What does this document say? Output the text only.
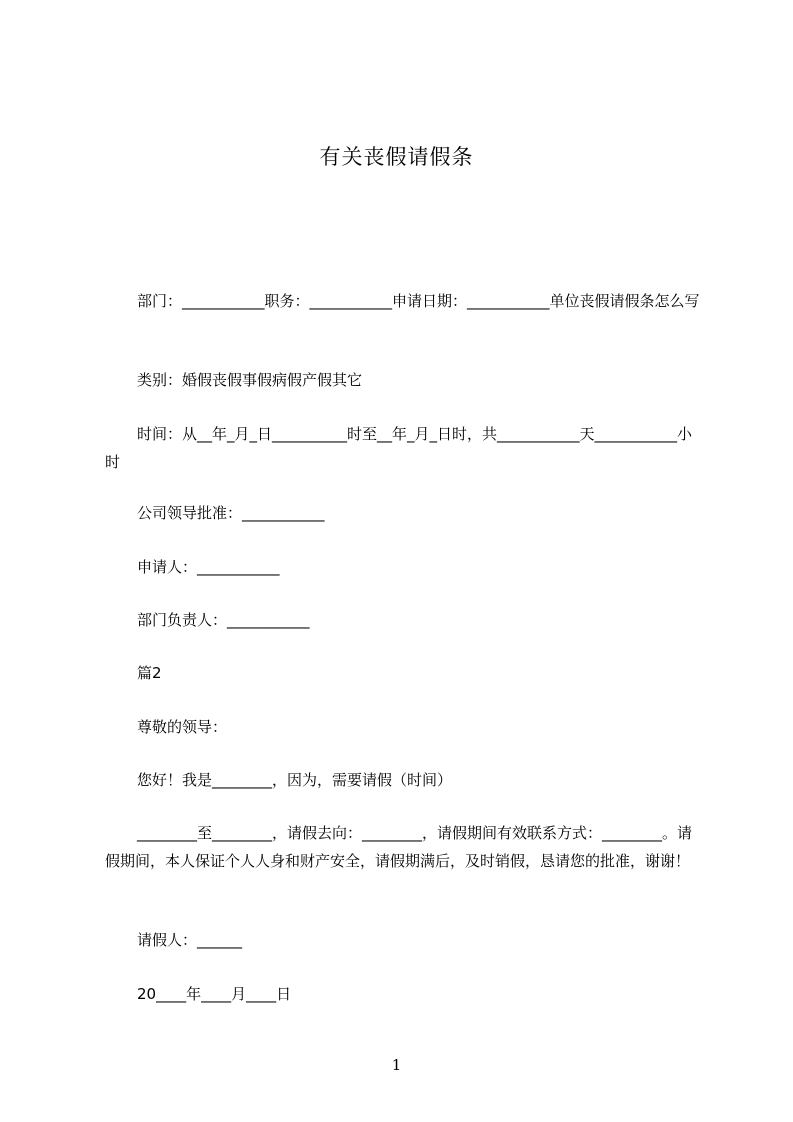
有关丧假请假条
部门：___________职务：___________申请日期：___________单位丧假请假条怎么写
类别：婚假丧假事假病假产假其它
时间：从__年_月_日__________时至__年_月_日时，共___________天___________小时
公司领导批准：___________
申请人：___________
部门负责人：___________
篇2
尊敬的领导：
您好！我是________，因为，需要请假（时间）
________至________，请假去向：________，请假期间有效联系方式：________。请假期间，本人保证个人人身和财产安全，请假期满后，及时销假，恳请您的批准，谢谢！
请假人：______
20____年____月____日
1
